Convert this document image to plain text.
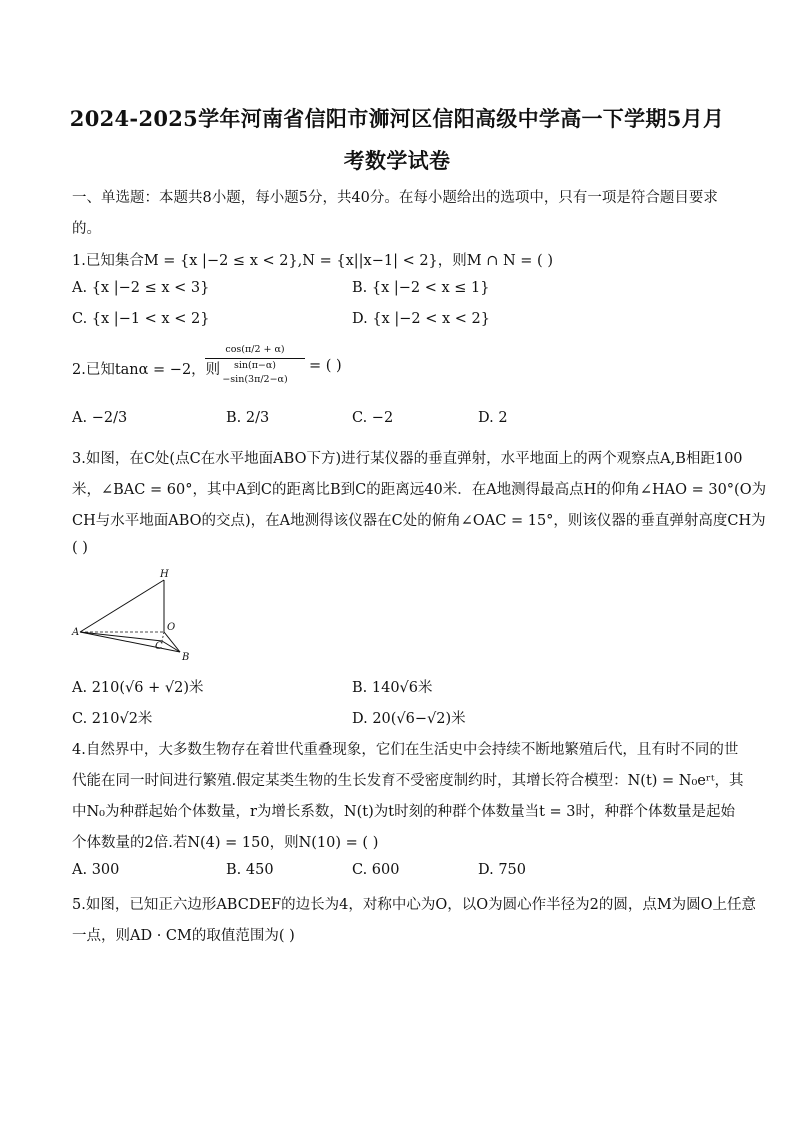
2024-2025学年河南省信阳市浉河区信阳高级中学高一下学期5月月
考数学试卷
一、单选题：本题共8小题，每小题5分，共40分。在每小题给出的选项中，只有一项是符合题目要求
的。
1.已知集合M = {x |−2 ≤ x < 2},N = {x||x−1| < 2}，则M ∩ N = ( )
A. {x |−2 ≤ x < 3}	B. {x |−2 < x ≤ 1}
C. {x |−1 < x < 2}	D. {x |−2 < x < 2}
2.已知tanα = −2，则
$\frac{\cos(\pi/2 + \alpha)}{\sin(\pi-\alpha)-\sin(3\pi/2-\alpha)}$ = ( )
A. −2/3	B. 2/3	C. −2	D. 2
3.如图，在C处(点C在水平地面ABO下方)进行某仪器的垂直弹射，水平地面上的两个观察点A,B相距100
米，∠BAC = 60°，其中A到C的距离比B到C的距离远40米．在A地测得最高点H的仰角∠HAO = 30°(O为
CH与水平地面ABO的交点)，在A地测得该仪器在C处的俯角∠OAC = 15°，则该仪器的垂直弹射高度CH为
( )
H
A	O
C
B
A. 210(√6 + √2)米	B. 140√6米
C. 210√2米	D. 20(√6−√2)米
4.自然界中，大多数生物存在着世代重叠现象，它们在生活史中会持续不断地繁殖后代，且有时不同的世
代能在同一时间进行繁殖.假定某类生物的生长发育不受密度制约时，其增长符合模型：N(t) = N₀eʳᵗ，其
中N₀为种群起始个体数量，r为增长系数，N(t)为t时刻的种群个体数量当t = 3时，种群个体数量是起始
个体数量的2倍.若N(4) = 150，则N(10) = ( )
A. 300	B. 450	C. 600	D. 750
5.如图，已知正六边形ABCDEF的边长为4，对称中心为O，以O为圆心作半径为2的圆，点M为圆O上任意
一点，则AD · CM的取值范围为( )
